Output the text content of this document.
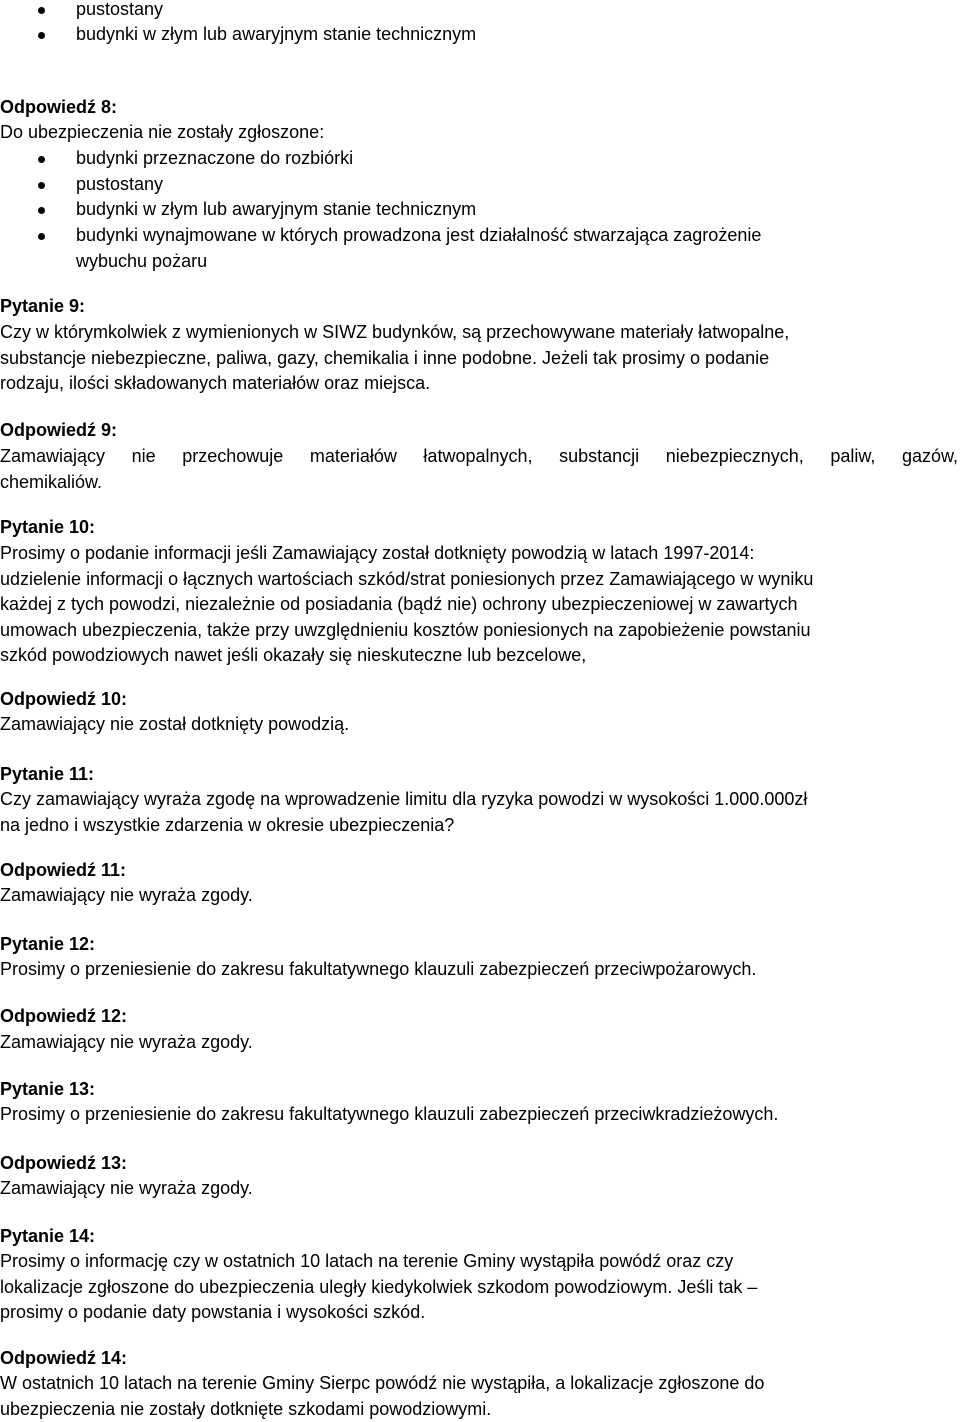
pustostany
budynki w złym lub awaryjnym stanie technicznym
Odpowiedź 8:
Do ubezpieczenia nie zostały zgłoszone:
budynki przeznaczone do rozbiórki
pustostany
budynki w złym lub awaryjnym stanie technicznym
budynki wynajmowane w których prowadzona jest działalność stwarzająca zagrożenie
wybuchu pożaru
Pytanie 9:
Czy w którymkolwiek z wymienionych w SIWZ budynków, są przechowywane materiały łatwopalne,
substancje niebezpieczne, paliwa, gazy, chemikalia i inne podobne. Jeżeli tak prosimy o podanie
rodzaju, ilości składowanych materiałów oraz miejsca.
Odpowiedź 9:
Zamawiający nie przechowuje materiałów łatwopalnych, substancji niebezpiecznych, paliw, gazów,
chemikaliów.
Pytanie 10:
Prosimy o podanie informacji jeśli Zamawiający został dotknięty powodzią w latach 1997-2014:
udzielenie informacji o łącznych wartościach szkód/strat poniesionych przez Zamawiającego w wyniku
każdej z tych powodzi, niezależnie od posiadania (bądź nie) ochrony ubezpieczeniowej w zawartych
umowach ubezpieczenia, także przy uwzględnieniu kosztów poniesionych na zapobieżenie powstaniu
szkód powodziowych nawet jeśli okazały się nieskuteczne lub bezcelowe,
Odpowiedź 10:
Zamawiający nie został dotknięty powodzią.
Pytanie 11:
Czy zamawiający wyraża zgodę na wprowadzenie limitu dla ryzyka powodzi w wysokości 1.000.000zł
na jedno i wszystkie zdarzenia w okresie ubezpieczenia?
Odpowiedź 11:
Zamawiający nie wyraża zgody.
Pytanie 12:
Prosimy o przeniesienie do zakresu fakultatywnego klauzuli zabezpieczeń przeciwpożarowych.
Odpowiedź 12:
Zamawiający nie wyraża zgody.
Pytanie 13:
Prosimy o przeniesienie do zakresu fakultatywnego klauzuli zabezpieczeń przeciwkradzieżowych.
Odpowiedź 13:
Zamawiający nie wyraża zgody.
Pytanie 14:
Prosimy o informację czy w ostatnich 10 latach na terenie Gminy wystąpiła powódź oraz czy
lokalizacje zgłoszone do ubezpieczenia uległy kiedykolwiek szkodom powodziowym. Jeśli tak –
prosimy o podanie daty powstania i wysokości szkód.
Odpowiedź 14:
W ostatnich 10 latach na terenie Gminy Sierpc powódź nie wystąpiła, a lokalizacje zgłoszone do
ubezpieczenia nie zostały dotknięte szkodami powodziowymi.
